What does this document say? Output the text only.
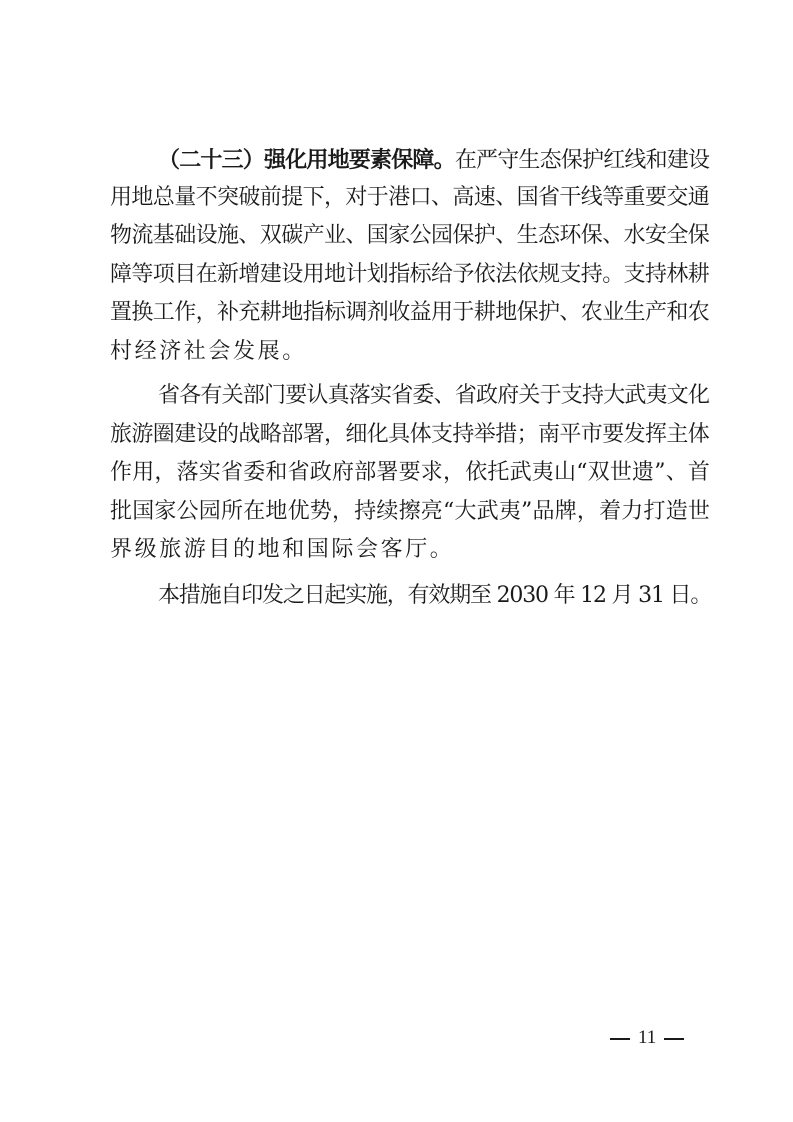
（二十三）强化用地要素保障。在严守生态保护红线和建设
用地总量不突破前提下，对于港口、高速、国省干线等重要交通
物流基础设施、双碳产业、国家公园保护、生态环保、水安全保
障等项目在新增建设用地计划指标给予依法依规支持。支持林耕
置换工作，补充耕地指标调剂收益用于耕地保护、农业生产和农
村经济社会发展。
省各有关部门要认真落实省委、省政府关于支持大武夷文化
旅游圈建设的战略部署，细化具体支持举措；南平市要发挥主体
作用，落实省委和省政府部署要求，依托武夷山“双世遗”、首
批国家公园所在地优势，持续擦亮“大武夷”品牌，着力打造世
界级旅游目的地和国际会客厅。
本措施自印发之日起实施，有效期至 2030 年 12 月 31 日。
11
